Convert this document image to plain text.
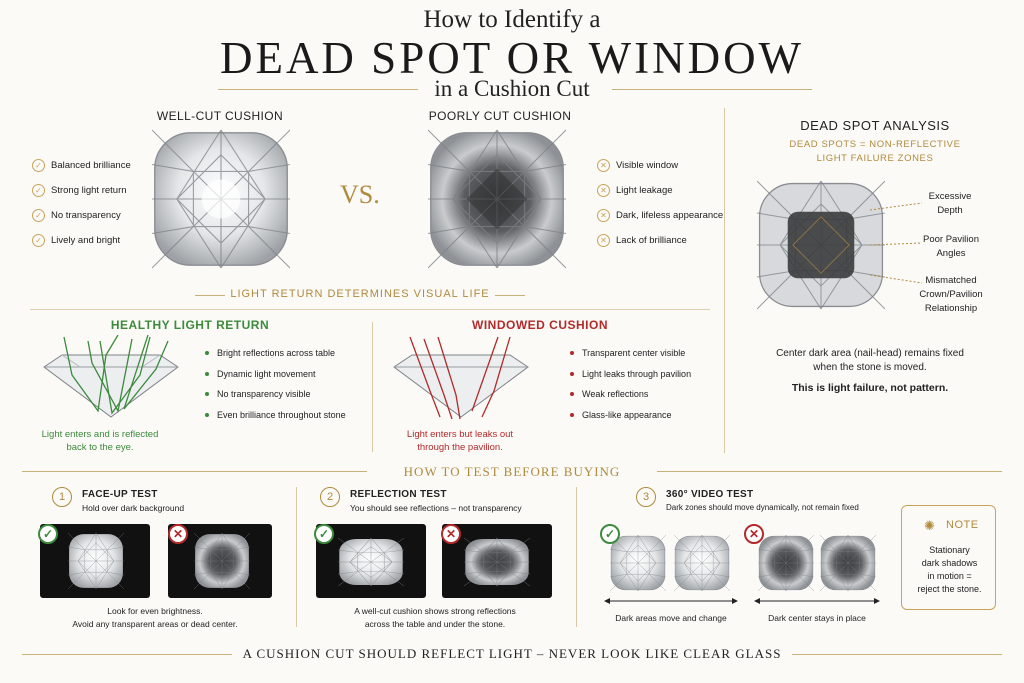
How to Identify a
DEAD SPOT OR WINDOW
in a Cushion Cut
WELL-CUT CUSHION	POORLY CUT CUSHION
✓ Balanced brilliance
✓ Strong light return
✓ No transparency
✓ Lively and bright
VS.
✕ Visible window
✕ Light leakage
✕ Dark, lifeless appearance
✕ Lack of brilliance
LIGHT RETURN DETERMINES VISUAL LIFE
HEALTHY LIGHT RETURN
Bright reflections across table
Dynamic light movement
No transparency visible
Even brilliance throughout stone
Light enters and is reflected
back to the eye.
WINDOWED CUSHION
Transparent center visible
Light leaks through pavilion
Weak reflections
Glass-like appearance
Light enters but leaks out
through the pavilion.
DEAD SPOT ANALYSIS
DEAD SPOTS = NON-REFLECTIVE
LIGHT FAILURE ZONES
Excessive
Depth
Poor Pavilion
Angles
Mismatched
Crown/Pavilion
Relationship
Center dark area (nail-head) remains fixed
when the stone is moved.
This is light failure, not pattern.
HOW TO TEST BEFORE BUYING
1	FACE-UP TEST
Hold over dark background
✓	✕
Look for even brightness.
Avoid any transparent areas or dead center.
2	REFLECTION TEST
You should see reflections – not transparency
✓	✕
A well-cut cushion shows strong reflections
across the table and under the stone.
3	360° VIDEO TEST
Dark zones should move dynamically, not remain fixed
✓	✕
Dark areas move and change	Dark center stays in place
✺ NOTE
Stationary
dark shadows
in motion =
reject the stone.
A CUSHION CUT SHOULD REFLECT LIGHT – NEVER LOOK LIKE CLEAR GLASS
